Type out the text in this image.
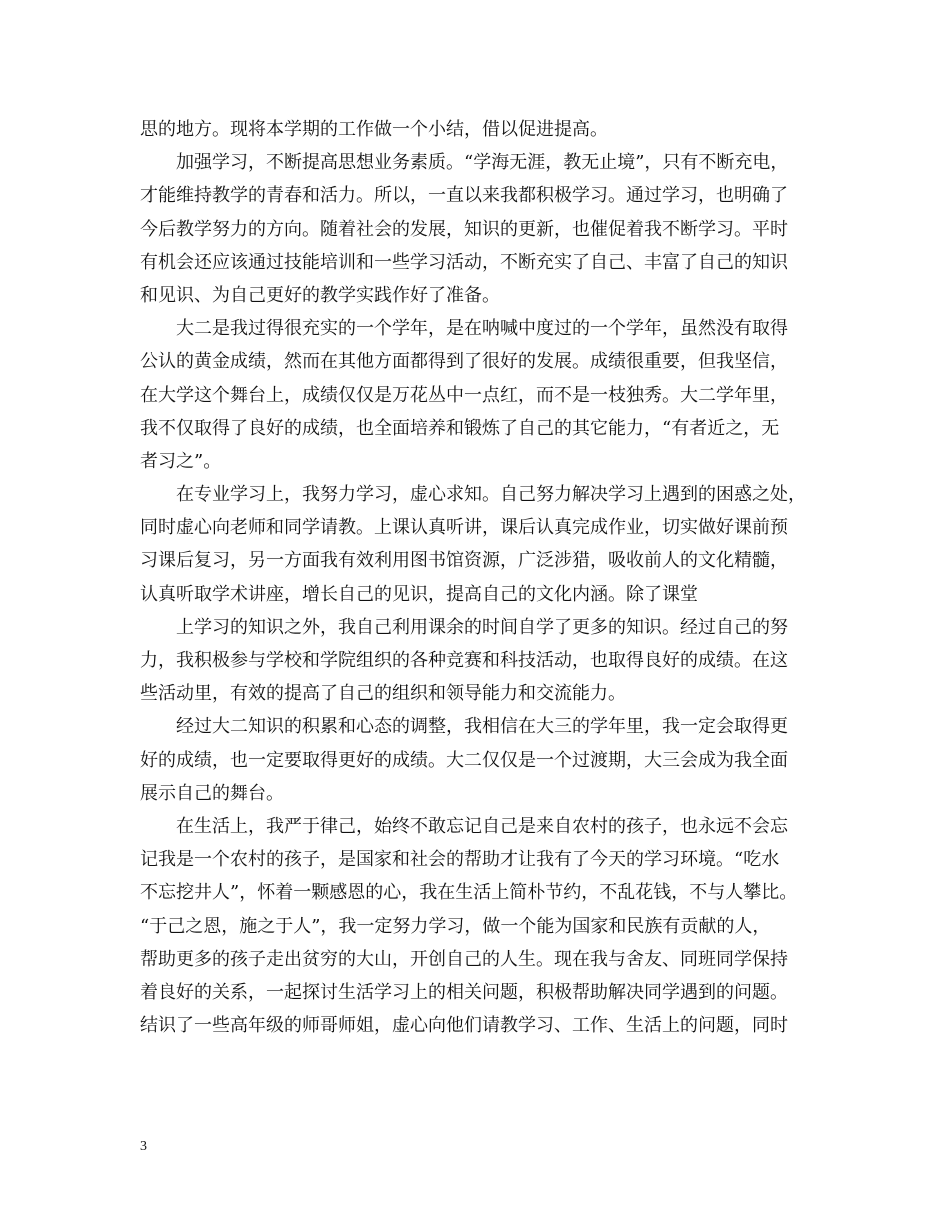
思的地方。现将本学期的工作做一个小结，借以促进提高。
加强学习，不断提高思想业务素质。“学海无涯，教无止境”，只有不断充电，
才能维持教学的青春和活力。所以，一直以来我都积极学习。通过学习，也明确了
今后教学努力的方向。随着社会的发展，知识的更新，也催促着我不断学习。平时
有机会还应该通过技能培训和一些学习活动，不断充实了自己、丰富了自己的知识
和见识、为自己更好的教学实践作好了准备。
大二是我过得很充实的一个学年，是在呐喊中度过的一个学年，虽然没有取得
公认的黄金成绩，然而在其他方面都得到了很好的发展。成绩很重要，但我坚信，
在大学这个舞台上，成绩仅仅是万花丛中一点红，而不是一枝独秀。大二学年里，
我不仅取得了良好的成绩，也全面培养和锻炼了自己的其它能力，“有者近之，无
者习之”。
在专业学习上，我努力学习，虚心求知。自己努力解决学习上遇到的困惑之处，
同时虚心向老师和同学请教。上课认真听讲，课后认真完成作业，切实做好课前预
习课后复习，另一方面我有效利用图书馆资源，广泛涉猎，吸收前人的文化精髓，
认真听取学术讲座，增长自己的见识，提高自己的文化内涵。除了课堂
上学习的知识之外，我自己利用课余的时间自学了更多的知识。经过自己的努
力，我积极参与学校和学院组织的各种竞赛和科技活动，也取得良好的成绩。在这
些活动里，有效的提高了自己的组织和领导能力和交流能力。
经过大二知识的积累和心态的调整，我相信在大三的学年里，我一定会取得更
好的成绩，也一定要取得更好的成绩。大二仅仅是一个过渡期，大三会成为我全面
展示自己的舞台。
在生活上，我严于律己，始终不敢忘记自己是来自农村的孩子，也永远不会忘
记我是一个农村的孩子，是国家和社会的帮助才让我有了今天的学习环境。“吃水
不忘挖井人”，怀着一颗感恩的心，我在生活上简朴节约，不乱花钱，不与人攀比。
“于己之恩，施之于人”，我一定努力学习，做一个能为国家和民族有贡献的人，
帮助更多的孩子走出贫穷的大山，开创自己的人生。现在我与舍友、同班同学保持
着良好的关系，一起探讨生活学习上的相关问题，积极帮助解决同学遇到的问题。
结识了一些高年级的师哥师姐，虚心向他们请教学习、工作、生活上的问题，同时
3
